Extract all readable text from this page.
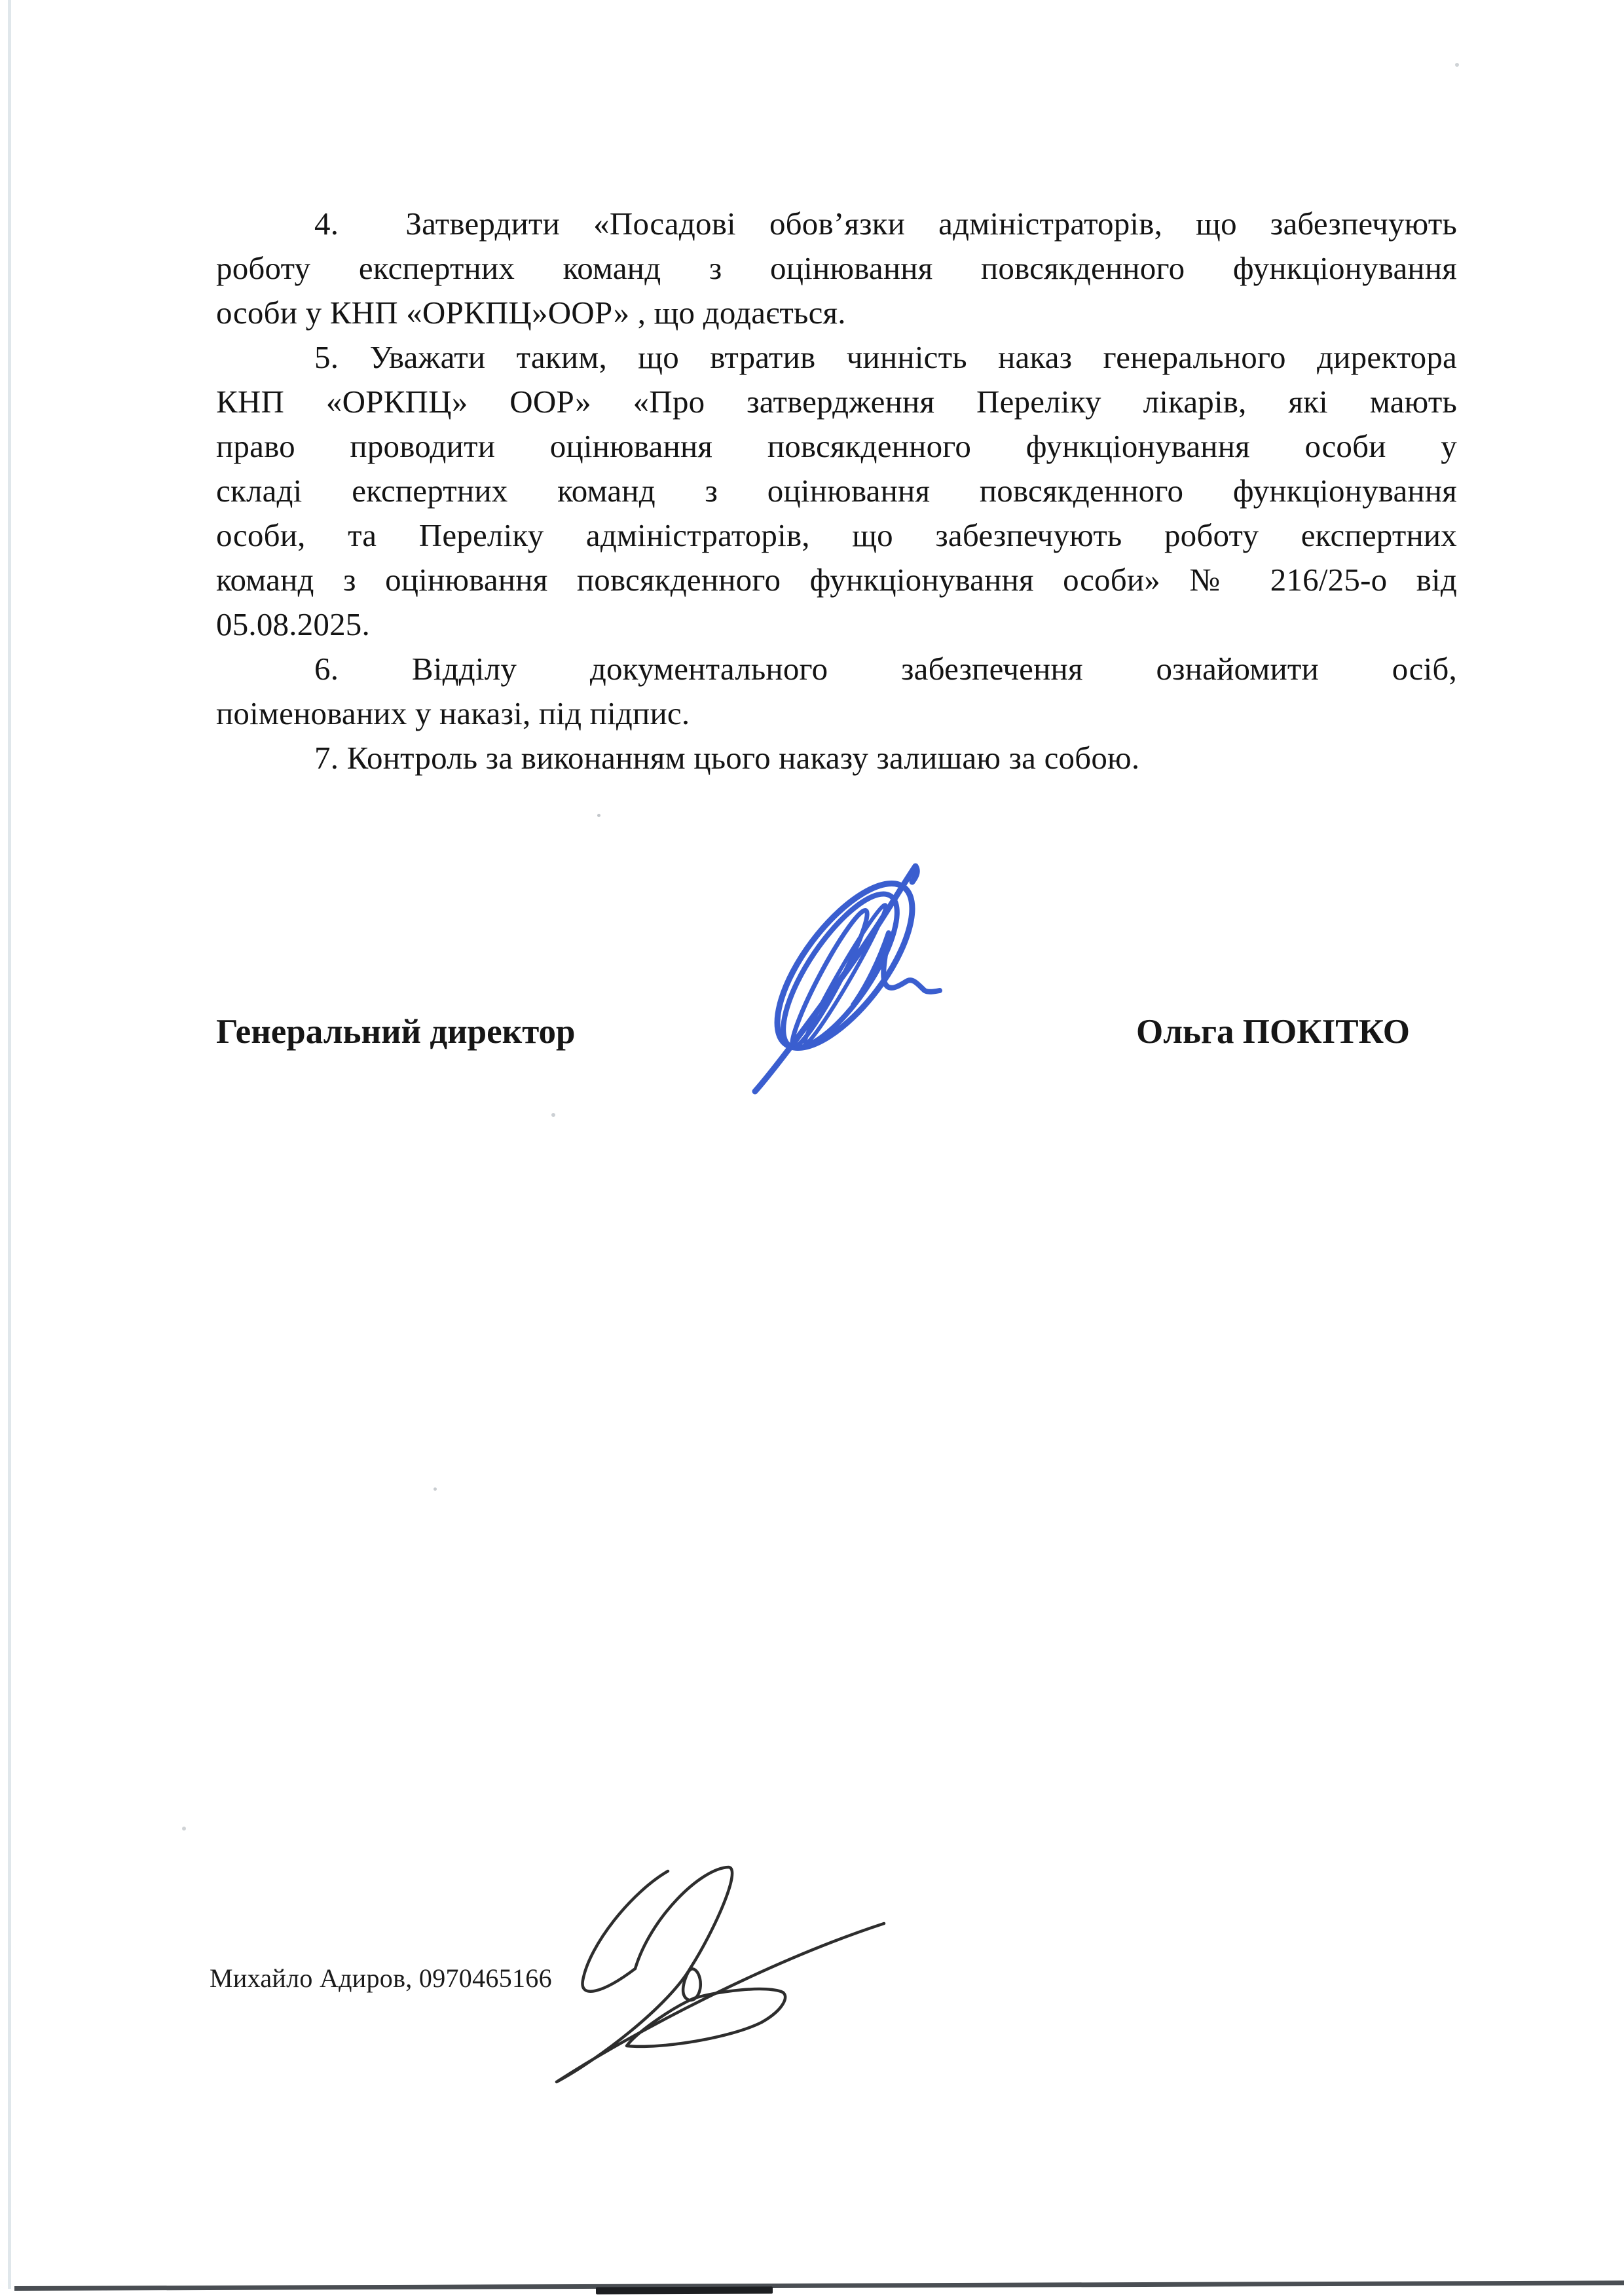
4.  Затвердити «Посадові обов’язки адміністраторів, що забезпечують
роботу експертних команд з оцінювання повсякденного функціонування
особи у КНП «ОРКПЦ»ООР» , що додається.
5. Уважати таким, що втратив чинність наказ генерального директора
КНП «ОРКПЦ» ООР» «Про затвердження Переліку лікарів, які мають
право проводити оцінювання повсякденного функціонування особи у
складі експертних команд з оцінювання повсякденного функціонування
особи, та Переліку адміністраторів, що забезпечують роботу експертних
команд з оцінювання повсякденного функціонування особи» № 216/25-о від
05.08.2025.
6. Відділу документального забезпечення ознайомити осіб,
поіменованих у наказі, під підпис.
7. Контроль за виконанням цього наказу залишаю за собою.
Генеральний директор	Ольга ПОКІТКО
Михайло Адиров, 0970465166
